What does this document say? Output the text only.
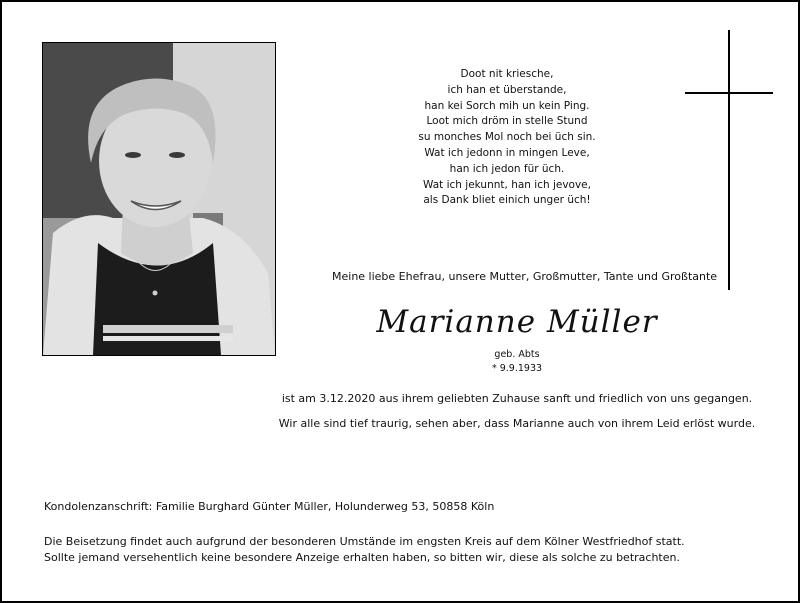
Doot nit kriesche,
ich han et überstande,
han kei Sorch mih un kein Ping.
Loot mich dröm in stelle Stund
su monches Mol noch bei üch sin.
Wat ich jedonn in mingen Leve,
han ich jedon für üch.
Wat ich jekunnt, han ich jevove,
als Dank bliet einich unger üch!
Meine liebe Ehefrau, unsere Mutter, Großmutter, Tante und Großtante
Marianne Müller
geb. Abts
* 9.9.1933
ist am 3.12.2020 aus ihrem geliebten Zuhause sanft und friedlich von uns gegangen.
Wir alle sind tief traurig, sehen aber, dass Marianne auch von ihrem Leid erlöst wurde.
Kondolenzanschrift: Familie Burghard Günter Müller, Holunderweg 53, 50858 Köln
Die Beisetzung findet auch aufgrund der besonderen Umstände im engsten Kreis auf dem Kölner Westfriedhof statt.
Sollte jemand versehentlich keine besondere Anzeige erhalten haben, so bitten wir, diese als solche zu betrachten.
